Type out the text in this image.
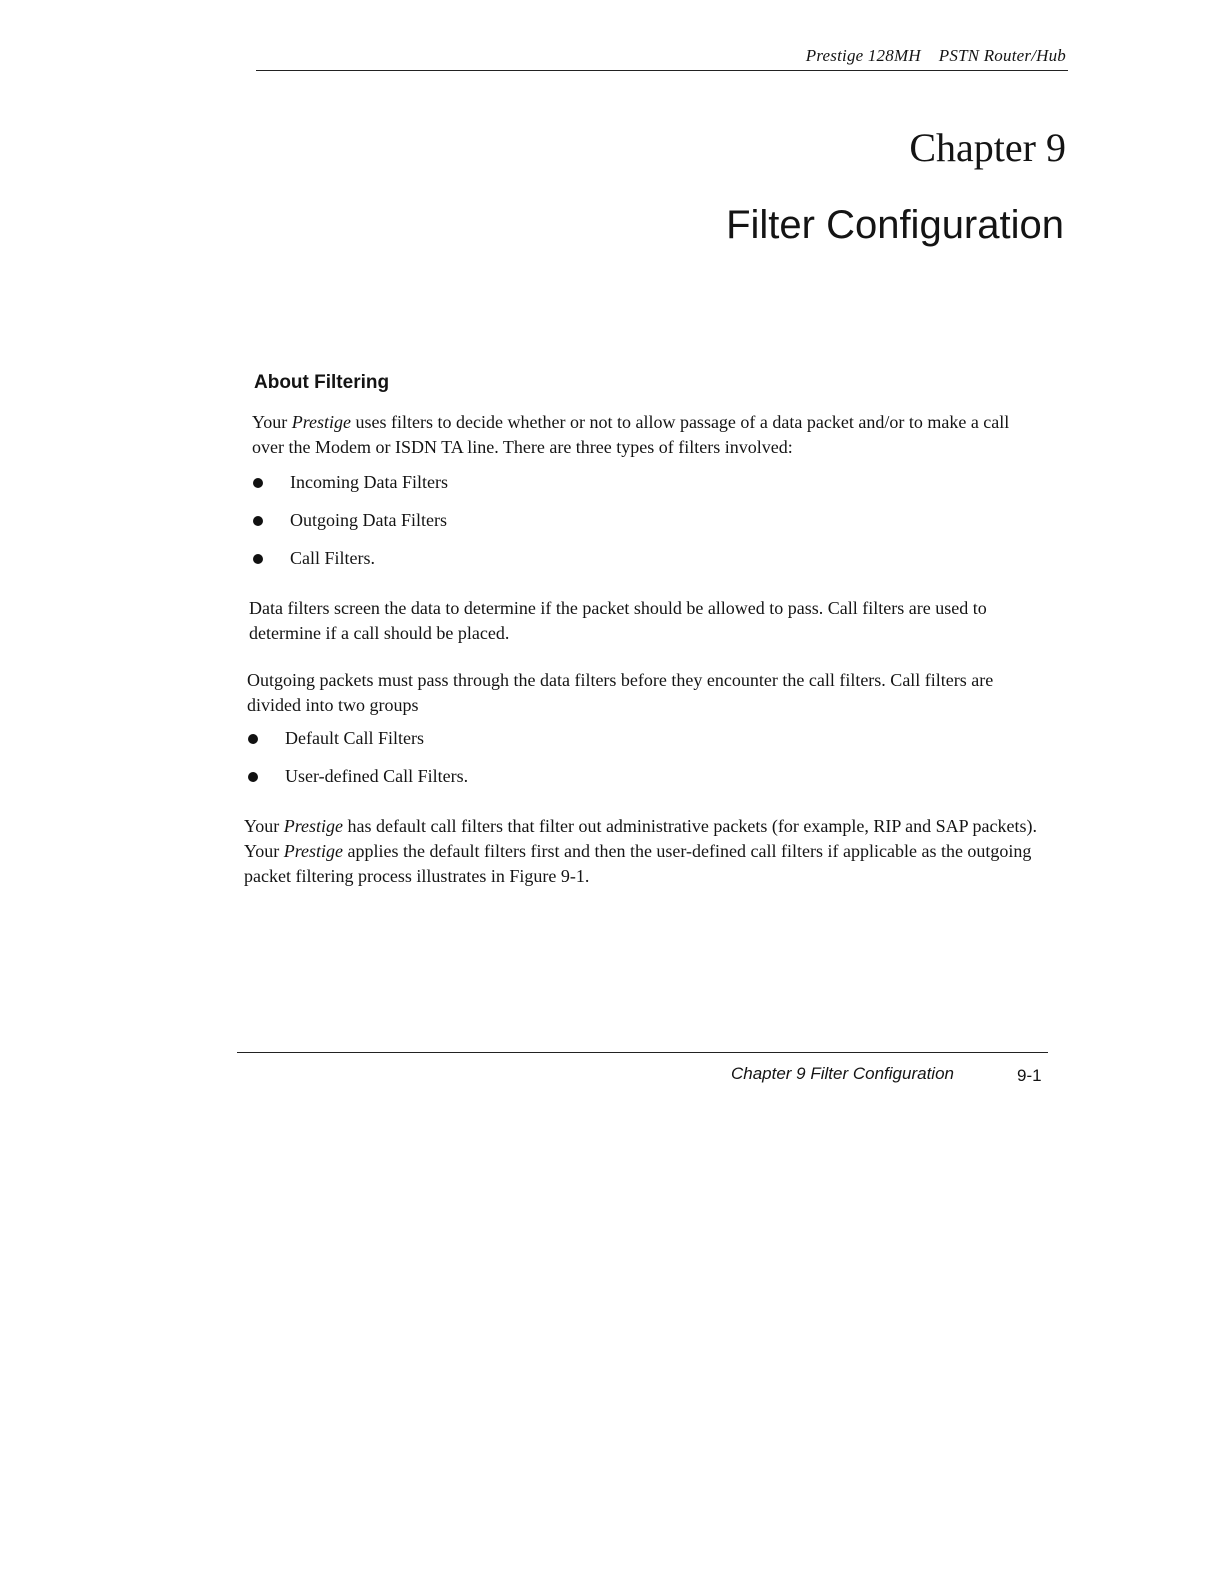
Prestige 128MH PSTN Router/Hub
Chapter 9
Filter Configuration
About Filtering

Your Prestige uses filters to decide whether or not to allow passage of a data packet and/or to make a call over the Modem or ISDN TA line. There are three types of filters involved:

Incoming Data Filters
Outgoing Data Filters
Call Filters.

Data filters screen the data to determine if the packet should be allowed to pass. Call filters are used to determine if a call should be placed.

Outgoing packets must pass through the data filters before they encounter the call filters. Call filters are divided into two groups

Default Call Filters
User-defined Call Filters.

Your Prestige has default call filters that filter out administrative packets (for example, RIP and SAP packets). Your Prestige applies the default filters first and then the user-defined call filters if applicable as the outgoing packet filtering process illustrates in Figure 9-1.

Chapter 9 Filter Configuration	9-1
